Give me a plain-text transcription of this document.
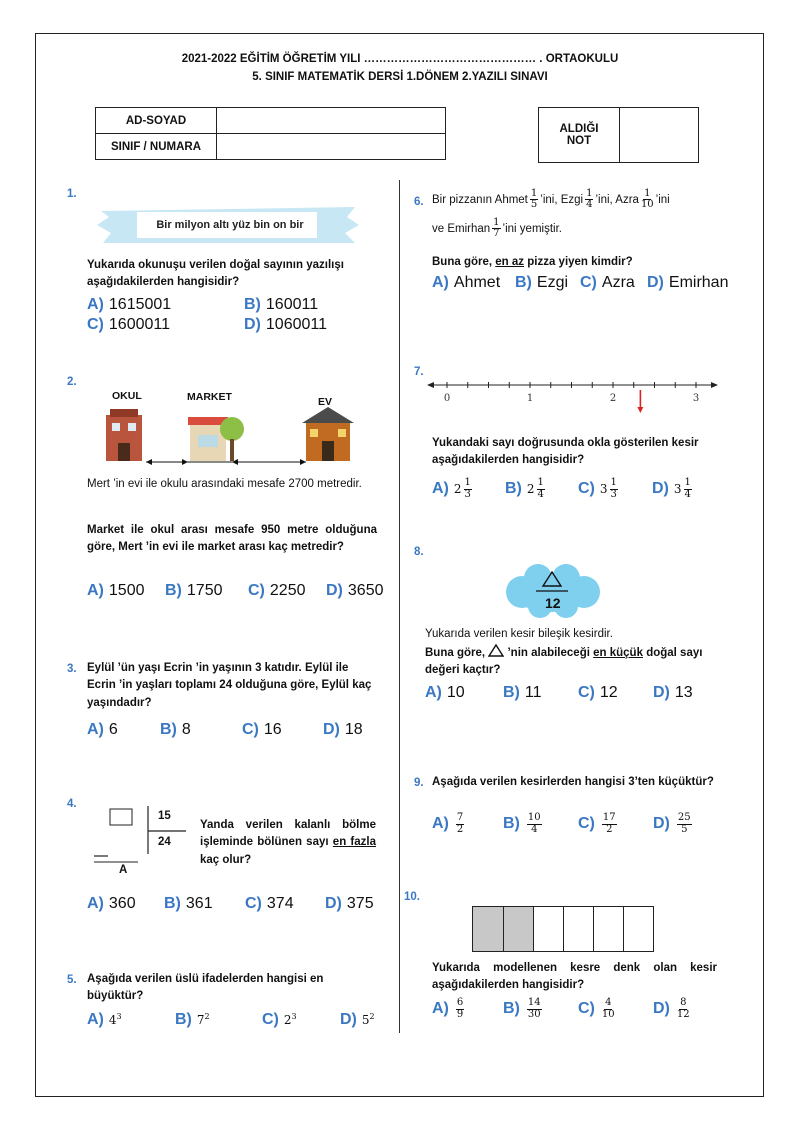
2021-2022 EĞİTİM ÖĞRETİM YILI ……………………………………… . ORTAOKULU
5. SINIF MATEMATİK DERSİ 1.DÖNEM 2.YAZILI SINAVI
AD-SOYAD	
SINIF / NUMARA	
ALDIĞI
NOT	
1.
Bir milyon altı yüz bin on bir
Yukarıda okunuşu verilen doğal sayının yazılışı aşağıdakilerden hangisidir?
A) 1615001	B) 160011
C) 1600011	D) 1060011
2.
OKUL	MARKET	EV
Mert ’in evi ile okulu arasındaki mesafe 2700 metredir.
Market ile okul arası mesafe 950 metre olduğuna göre, Mert ’in evi ile market arası kaç metredir?
A) 1500 B) 1750 C) 2250 D) 3650
3. Eylül ’ün yaşı Ecrin ’in yaşının 3 katıdır. Eylül ile Ecrin ’in yaşları toplamı 24 olduğuna göre, Eylül kaç yaşındadır?
A) 6	B) 8	C) 16	D) 18
4.
15
24
A
Yanda verilen kalanlı bölme işleminde bölünen sayı en fazla kaç olur?
A) 360 B) 361 C) 374 D) 375
5. Aşağıda verilen üslü ifadelerden hangisi en büyüktür?
A) $4^3$	B) $7^2$	C) $2^3$	D) $5^2$
6. Bir pizzanın Ahmet $\frac{1}{5}$ ’ini, Ezgi $\frac{1}{4}$ ’ini, Azra $\frac{1}{10}$ ’ini
ve Emirhan $\frac{1}{7}$ ’ini yemiştir.
Buna göre, en az pizza yiyen kimdir?
A) Ahmet B) Ezgi C) Azra D) Emirhan
7.
0	1	2	3
Yukandaki sayı doğrusunda okla gösterilen kesir aşağıdakilerden hangisidir?
A) $2 \frac{1}{3} B$) $2 \frac{1}{4} C$) $3 \frac{1}{3} D$) $3 \frac{1}{4}$
8.
12
Yukarıda verilen kesir bileşik kesirdir.
Buna göre, ’nin alabileceği en küçük doğal sayı değeri kaçtır?
A) 10 B) 11 C) 12 D) 13
9. Aşağıda verilen kesirlerden hangisi 3’ten küçüktür?
$A) \frac{7}{2} B) \frac{10}{4} C) \frac{17}{2} D) \frac{25}{5}$
10.
Yukarıda modellenen kesre denk olan kesir aşağıdakilerden hangisidir?
$A) \frac{6}{9} B) \frac{14}{30} C) \frac{4}{10} D) \frac{8}{12}$
